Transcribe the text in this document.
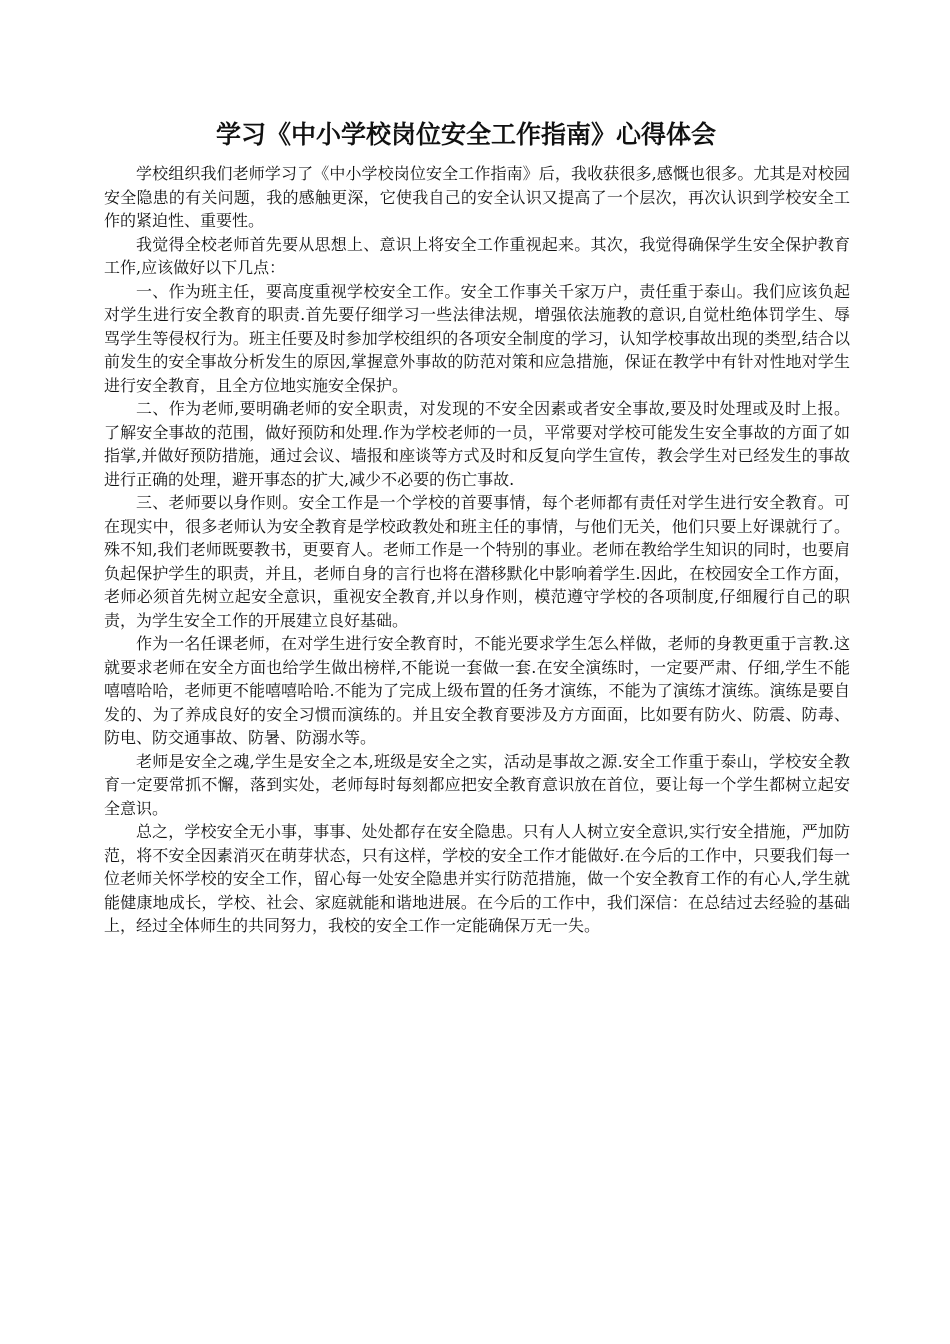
学习《中小学校岗位安全工作指南》心得体会

学校组织我们老师学习了《中小学校岗位安全工作指南》后，我收获很多,感慨也很多。尤其是对校园安全隐患的有关问题，我的感触更深，它使我自己的安全认识又提高了一个层次，再次认识到学校安全工作的紧迫性、重要性。

我觉得全校老师首先要从思想上、意识上将安全工作重视起来。其次，我觉得确保学生安全保护教育工作,应该做好以下几点：

一、作为班主任，要高度重视学校安全工作。安全工作事关千家万户，责任重于泰山。我们应该负起对学生进行安全教育的职责.首先要仔细学习一些法律法规，增强依法施教的意识,自觉杜绝体罚学生、辱骂学生等侵权行为。班主任要及时参加学校组织的各项安全制度的学习，认知学校事故出现的类型,结合以前发生的安全事故分析发生的原因,掌握意外事故的防范对策和应急措施，保证在教学中有针对性地对学生进行安全教育，且全方位地实施安全保护。

二、作为老师,要明确老师的安全职责，对发现的不安全因素或者安全事故,要及时处理或及时上报。 了解安全事故的范围，做好预防和处理.作为学校老师的一员，平常要对学校可能发生安全事故的方面了如指掌,并做好预防措施，通过会议、墙报和座谈等方式及时和反复向学生宣传，教会学生对已经发生的事故进行正确的处理，避开事态的扩大,减少不必要的伤亡事故.

三、老师要以身作则。安全工作是一个学校的首要事情，每个老师都有责任对学生进行安全教育。可在现实中，很多老师认为安全教育是学校政教处和班主任的事情，与他们无关，他们只要上好课就行了。殊不知,我们老师既要教书，更要育人。老师工作是一个特别的事业。老师在教给学生知识的同时，也要肩负起保护学生的职责，并且，老师自身的言行也将在潜移默化中影响着学生.因此，在校园安全工作方面，老师必须首先树立起安全意识，重视安全教育,并以身作则，模范遵守学校的各项制度,仔细履行自己的职责，为学生安全工作的开展建立良好基础。

作为一名任课老师，在对学生进行安全教育时，不能光要求学生怎么样做，老师的身教更重于言教.这就要求老师在安全方面也给学生做出榜样,不能说一套做一套.在安全演练时，一定要严肃、仔细,学生不能嘻嘻哈哈，老师更不能嘻嘻哈哈.不能为了完成上级布置的任务才演练，不能为了演练才演练。演练是要自发的、为了养成良好的安全习惯而演练的。并且安全教育要涉及方方面面，比如要有防火、防震、防毒、防电、防交通事故、防暑、防溺水等。

老师是安全之魂,学生是安全之本,班级是安全之实，活动是事故之源.安全工作重于泰山，学校安全教育一定要常抓不懈，落到实处，老师每时每刻都应把安全教育意识放在首位，要让每一个学生都树立起安全意识。

总之，学校安全无小事，事事、处处都存在安全隐患。只有人人树立安全意识,实行安全措施，严加防范，将不安全因素消灭在萌芽状态，只有这样，学校的安全工作才能做好.在今后的工作中，只要我们每一位老师关怀学校的安全工作，留心每一处安全隐患并实行防范措施，做一个安全教育工作的有心人,学生就能健康地成长，学校、社会、家庭就能和谐地进展。在今后的工作中，我们深信：在总结过去经验的基础上，经过全体师生的共同努力，我校的安全工作一定能确保万无一失。
